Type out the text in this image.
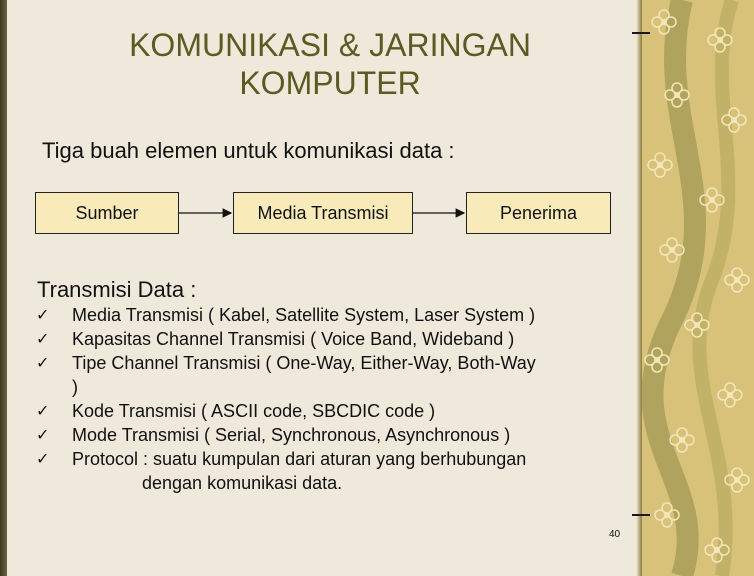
KOMUNIKASI & JARINGAN
KOMPUTER
Tiga buah elemen untuk komunikasi data :
Sumber	Media Transmisi	Penerima
Transmisi Data :
✓	Media Transmisi ( Kabel, Satellite System, Laser System )
✓	Kapasitas Channel Transmisi ( Voice Band, Wideband )
✓	Tipe Channel Transmisi ( One-Way, Either-Way, Both-Way
)
✓	Kode Transmisi ( ASCII code, SBCDIC code )
✓	Mode Transmisi ( Serial, Synchronous, Asynchronous )
✓	Protocol : suatu kumpulan dari aturan yang berhubungan
dengan komunikasi data.
40
